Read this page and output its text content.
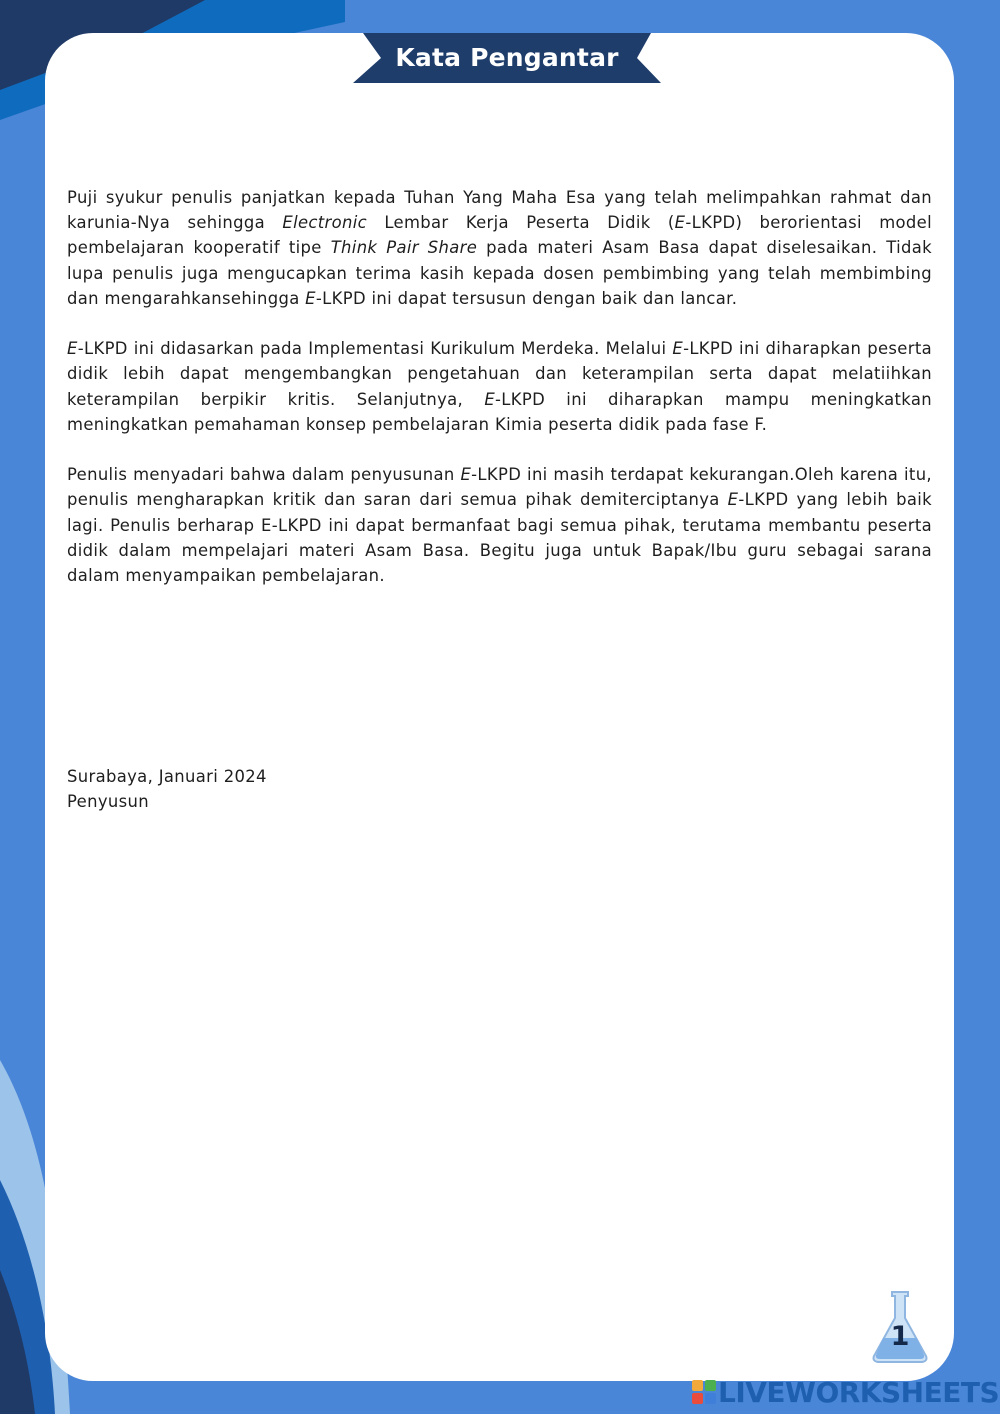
Kata Pengantar

Puji syukur penulis panjatkan kepada Tuhan Yang Maha Esa yang telah melimpahkan rahmat dan karunia-Nya sehingga Electronic Lembar Kerja Peserta Didik (E-LKPD) berorientasi model pembelajaran kooperatif tipe Think Pair Share pada materi Asam Basa dapat diselesaikan. Tidak lupa penulis juga mengucapkan terima kasih kepada dosen pembimbing yang telah membimbing dan mengarahkansehingga E-LKPD ini dapat tersusun dengan baik dan lancar.

E-LKPD ini didasarkan pada Implementasi Kurikulum Merdeka. Melalui E-LKPD ini diharapkan peserta didik lebih dapat mengembangkan pengetahuan dan keterampilan serta dapat melatiihkan keterampilan berpikir kritis. Selanjutnya, E-LKPD ini diharapkan mampu meningkatkan meningkatkan pemahaman konsep pembelajaran Kimia peserta didik pada fase F.

Penulis menyadari bahwa dalam penyusunan E-LKPD ini masih terdapat kekurangan.Oleh karena itu, penulis mengharapkan kritik dan saran dari semua pihak demiterciptanya E-LKPD yang lebih baik lagi. Penulis berharap E-LKPD ini dapat bermanfaat bagi semua pihak, terutama membantu peserta didik dalam mempelajari materi Asam Basa. Begitu juga untuk Bapak/Ibu guru sebagai sarana dalam menyampaikan pembelajaran.

Surabaya, Januari 2024
Penyusun
1
LIVEWORKSHEETS
